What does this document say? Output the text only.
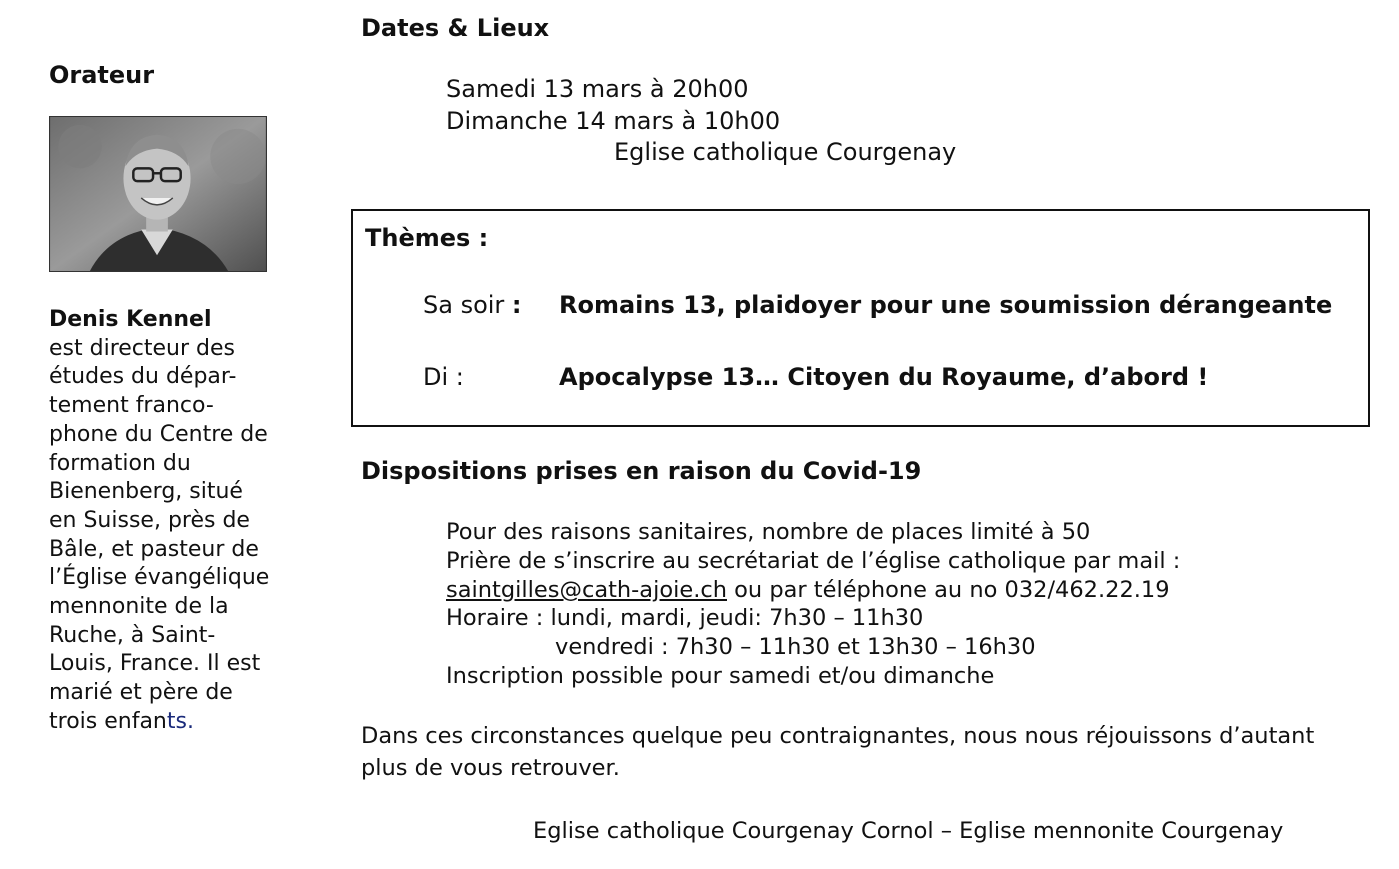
Orateur
Denis Kennel
est directeur des
études du dépar-
tement franco-
phone du Centre de
formation du
Bienenberg, situé
en Suisse, près de
Bâle, et pasteur de
l’Église évangélique
mennonite de la
Ruche, à Saint-
Louis, France. Il est
marié et père de
trois enfants.
Dates & Lieux
Samedi 13 mars à 20h00
Dimanche 14 mars à 10h00
Eglise catholique Courgenay
Thèmes :
Sa soir : Romains 13, plaidoyer pour une soumission dérangeante
Di :	Apocalypse 13… Citoyen du Royaume, d’abord !
Dispositions prises en raison du Covid-19
Pour des raisons sanitaires, nombre de places limité à 50
Prière de s’inscrire au secrétariat de l’église catholique par mail :
saintgilles@cath-ajoie.ch ou par téléphone au no 032/462.22.19
Horaire : lundi, mardi, jeudi: 7h30 – 11h30
vendredi : 7h30 – 11h30 et 13h30 – 16h30
Inscription possible pour samedi et/ou dimanche
Dans ces circonstances quelque peu contraignantes, nous nous réjouissons d’autant plus de vous retrouver.
Eglise catholique Courgenay Cornol – Eglise mennonite Courgenay
